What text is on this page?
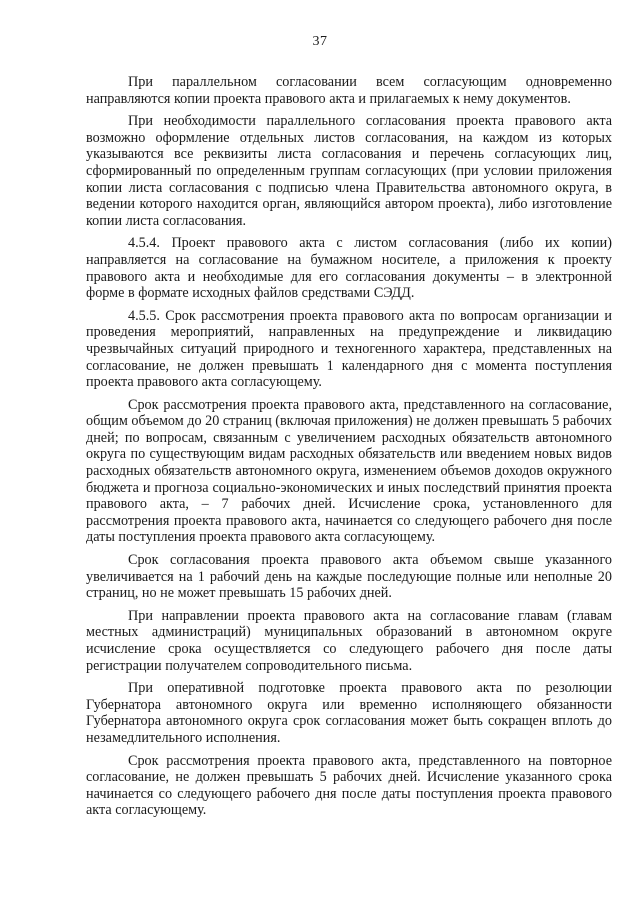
37

При параллельном согласовании всем согласующим одновременно направляются копии проекта правового акта и прилагаемых к нему документов.

При необходимости параллельного согласования проекта правового акта возможно оформление отдельных листов согласования, на каждом из которых указываются все реквизиты листа согласования и перечень согласующих лиц, сформированный по определенным группам согласующих (при условии приложения копии листа согласования с подписью члена Правительства автономного округа, в ведении которого находится орган, являющийся автором проекта), либо изготовление копии листа согласования.

4.5.4. Проект правового акта с листом согласования (либо их копии) направляется на согласование на бумажном носителе, а приложения к проекту правового акта и необходимые для его согласования документы – в электронной форме в формате исходных файлов средствами СЭДД.

4.5.5. Срок рассмотрения проекта правового акта по вопросам организации и проведения мероприятий, направленных на предупреждение и ликвидацию чрезвычайных ситуаций природного и техногенного характера, представленных на согласование, не должен превышать 1 календарного дня с момента поступления проекта правового акта согласующему.

Срок рассмотрения проекта правового акта, представленного на согласование, общим объемом до 20 страниц (включая приложения) не должен превышать 5 рабочих дней; по вопросам, связанным с увеличением расходных обязательств автономного округа по существующим видам расходных обязательств или введением новых видов расходных обязательств автономного округа, изменением объемов доходов окружного бюджета и прогноза социально-экономических и иных последствий принятия проекта правового акта, – 7 рабочих дней. Исчисление срока, установленного для рассмотрения проекта правового акта, начинается со следующего рабочего дня после даты поступления проекта правового акта согласующему.

Срок согласования проекта правового акта объемом свыше указанного увеличивается на 1 рабочий день на каждые последующие полные или неполные 20 страниц, но не может превышать 15 рабочих дней.

При направлении проекта правового акта на согласование главам (главам местных администраций) муниципальных образований в автономном округе исчисление срока осуществляется со следующего рабочего дня после даты регистрации получателем сопроводительного письма.

При оперативной подготовке проекта правового акта по резолюции Губернатора автономного округа или временно исполняющего обязанности Губернатора автономного округа срок согласования может быть сокращен вплоть до незамедлительного исполнения.

Срок рассмотрения проекта правового акта, представленного на повторное согласование, не должен превышать 5 рабочих дней. Исчисление указанного срока начинается со следующего рабочего дня после даты поступления проекта правового акта согласующему.
